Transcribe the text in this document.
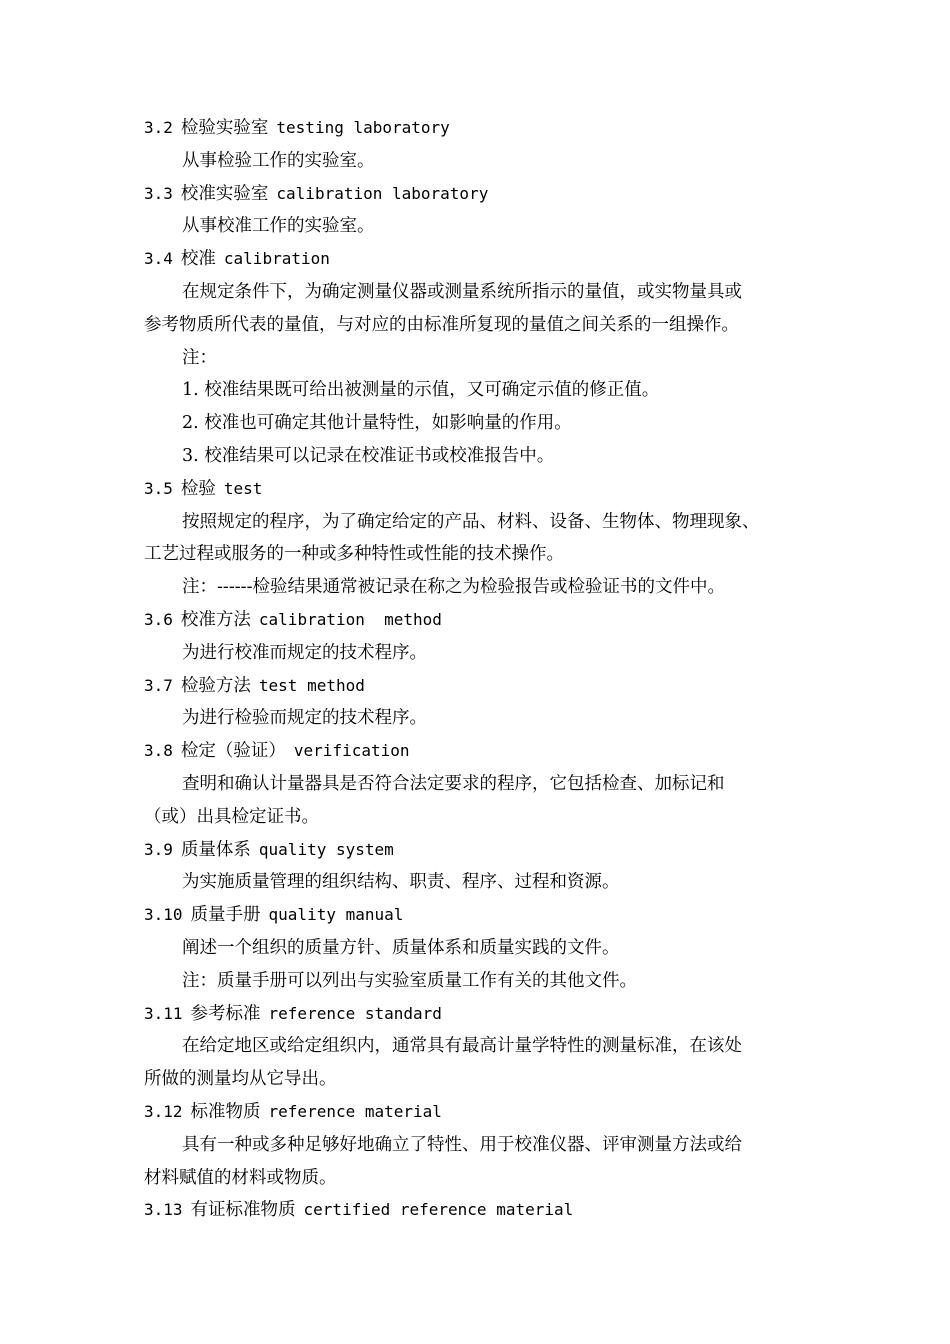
3.2 检验实验室 testing laboratory

从事检验工作的实验室。

3.3 校准实验室 calibration laboratory

从事校准工作的实验室。

3.4 校准 calibration

在规定条件下，为确定测量仪器或测量系统所指示的量值，或实物量具或

参考物质所代表的量值，与对应的由标准所复现的量值之间关系的一组操作。

注：

1. 校准结果既可给出被测量的示值，又可确定示值的修正值。

2. 校准也可确定其他计量特性，如影响量的作用。

3. 校准结果可以记录在校准证书或校准报告中。

3.5 检验 test

按照规定的程序，为了确定给定的产品、材料、设备、生物体、物理现象、

工艺过程或服务的一种或多种特性或性能的技术操作。

注：------检验结果通常被记录在称之为检验报告或检验证书的文件中。

3.6 校准方法 calibration  method

为进行校准而规定的技术程序。

3.7 检验方法 test method

为进行检验而规定的技术程序。

3.8 检定（验证） verification

查明和确认计量器具是否符合法定要求的程序，它包括检查、加标记和

（或）出具检定证书。

3.9 质量体系 quality system

为实施质量管理的组织结构、职责、程序、过程和资源。

3.10 质量手册 quality manual

阐述一个组织的质量方针、质量体系和质量实践的文件。

注：质量手册可以列出与实验室质量工作有关的其他文件。

3.11 参考标准 reference standard

在给定地区或给定组织内，通常具有最高计量学特性的测量标准，在该处

所做的测量均从它导出。

3.12 标准物质 reference material

具有一种或多种足够好地确立了特性、用于校准仪器、评审测量方法或给

材料赋值的材料或物质。

3.13 有证标准物质 certified reference material
